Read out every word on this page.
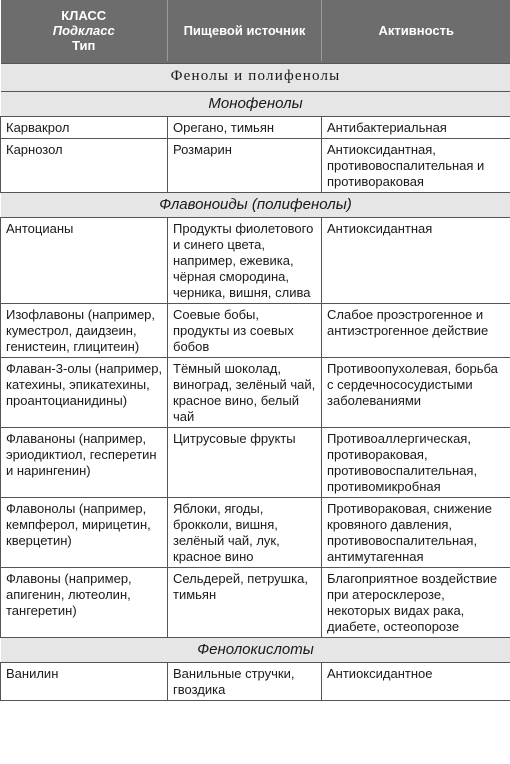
КЛАСС
Подкласс
Тип	Пищевой источник	Активность

Фенолы и полифенолы		
Монофенолы		
Карвакрол	Орегано, тимьян	Антибактериальная
Карнозол	Розмарин	Антиоксидантная, противовоспалительная и противораковая
Флавоноиды (полифенолы)		
Антоцианы	Продукты фиолетового и синего цвета, например, ежевика, чёрная смородина, черника, вишня, слива	Антиоксидантная
Изофлавоны (например, куместрол, даидзеин, генистеин, глицитеин)	Соевые бобы, продукты из соевых бобов	Слабое проэстрогенное и антиэстрогенное действие
Флаван-3-олы (например, катехины, эпикатехины, проантоцианидины)	Тёмный шоколад, виноград, зелёный чай, красное вино, белый чай	Противоопухолевая, борьба с сердечнососудистыми заболеваниями
Флаваноны (например, эриодиктиол, гесперетин и нарингенин)	Цитрусовые фрукты	Противоаллергическая, противораковая, противовоспалительная, противомикробная
Флавонолы (например, кемпферол, мирицетин, кверцетин)	Яблоки, ягоды, брокколи, вишня, зелёный чай, лук, красное вино	Противораковая, снижение кровяного давления, противовоспалительная, антимутагенная
Флавоны (например, апигенин, лютеолин, тангеретин)	Сельдерей, петрушка, тимьян	Благоприятное воздействие при атеросклерозе, некоторых видах рака, диабете, остеопорозе
Фенолокислоты		
Ванилин	Ванильные стручки, гвоздика	Антиоксидантное
